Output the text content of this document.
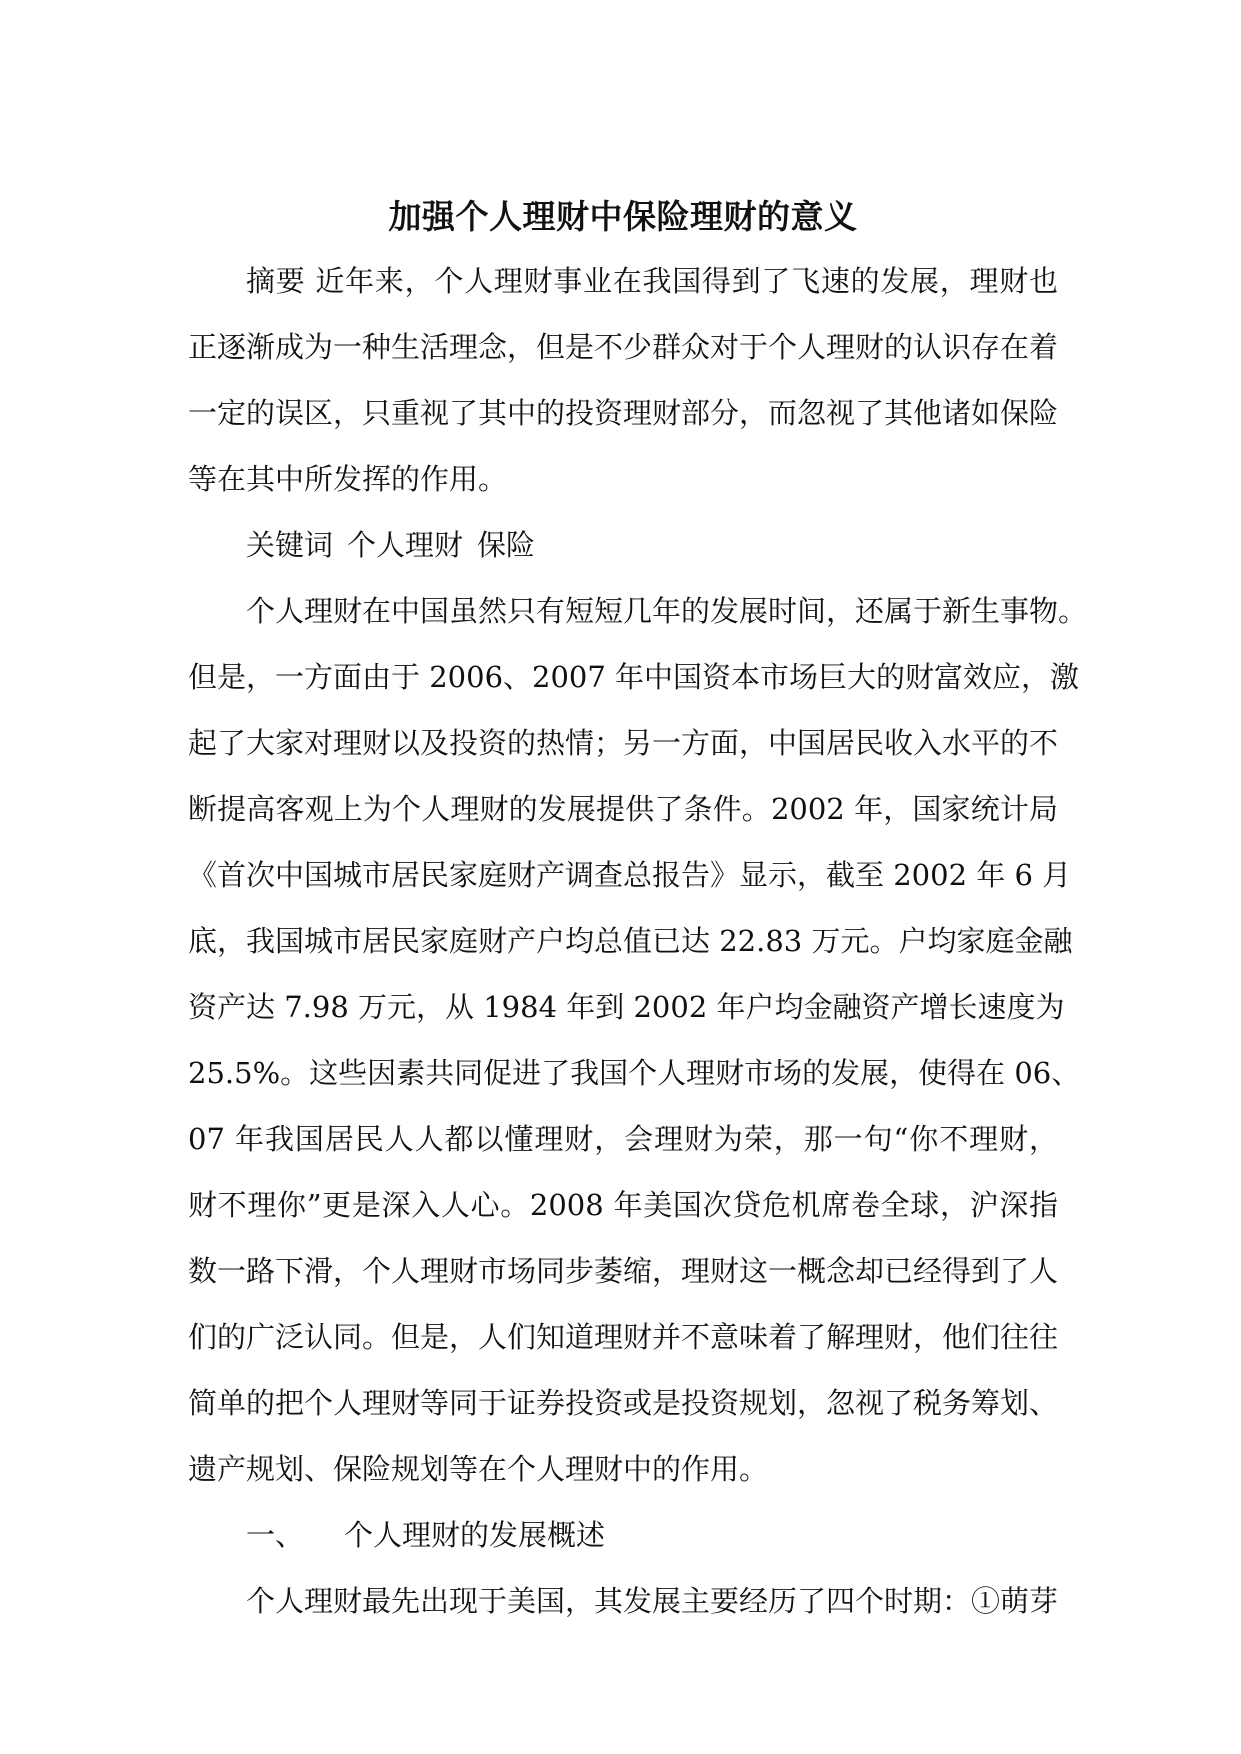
加强个人理财中保险理财的意义
摘要 近年来，个人理财事业在我国得到了飞速的发展，理财也
正逐渐成为一种生活理念，但是不少群众对于个人理财的认识存在着
一定的误区，只重视了其中的投资理财部分，而忽视了其他诸如保险
等在其中所发挥的作用。
关键词 个人理财 保险
个人理财在中国虽然只有短短几年的发展时间，还属于新生事物。
但是，一方面由于 2006、2007 年中国资本市场巨大的财富效应，激
起了大家对理财以及投资的热情；另一方面，中国居民收入水平的不
断提高客观上为个人理财的发展提供了条件。2002 年，国家统计局
《首次中国城市居民家庭财产调查总报告》显示，截至 2002 年 6 月
底，我国城市居民家庭财产户均总值已达 22.83 万元。户均家庭金融
资产达 7.98 万元，从 1984 年到 2002 年户均金融资产增长速度为
25.5%。这些因素共同促进了我国个人理财市场的发展，使得在 06、
07 年我国居民人人都以懂理财，会理财为荣，那一句“你不理财，
财不理你”更是深入人心。2008 年美国次贷危机席卷全球，沪深指
数一路下滑，个人理财市场同步萎缩，理财这一概念却已经得到了人
们的广泛认同。但是，人们知道理财并不意味着了解理财，他们往往
简单的把个人理财等同于证券投资或是投资规划，忽视了税务筹划、
遗产规划、保险规划等在个人理财中的作用。
一、 个人理财的发展概述
个人理财最先出现于美国，其发展主要经历了四个时期：①萌芽
